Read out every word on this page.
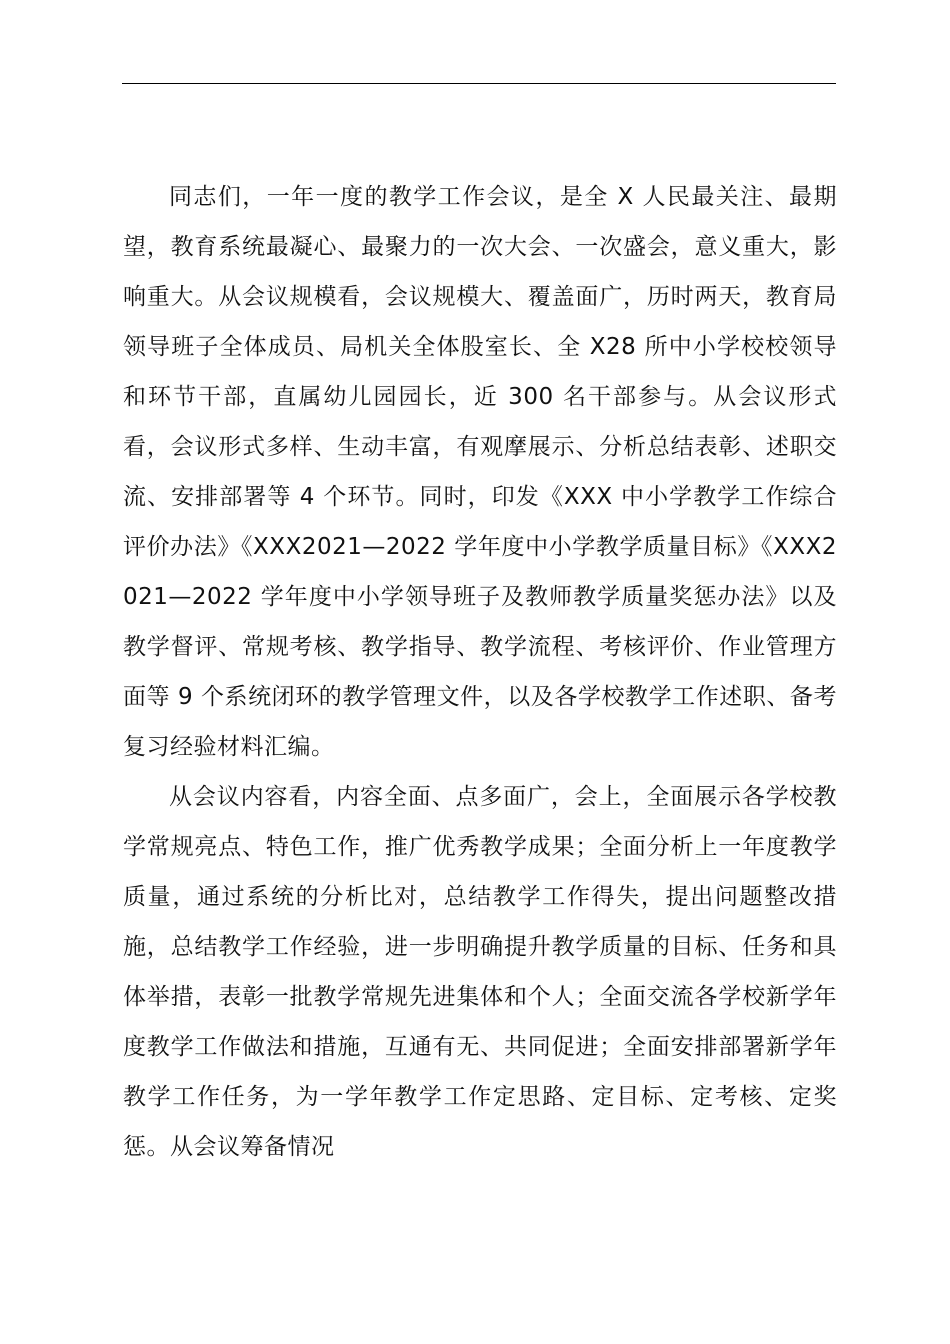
同志们，一年一度的教学工作会议，是全 X 人民最关注、最期望，教育系统最凝心、最聚力的一次大会、一次盛会，意义重大，影响重大。从会议规模看，会议规模大、覆盖面广，历时两天，教育局领导班子全体成员、局机关全体股室长、全 X28 所中小学校校领导和环节干部，直属幼儿园园长，近 300 名干部参与。从会议形式看，会议形式多样、生动丰富，有观摩展示、分析总结表彰、述职交流、安排部署等 4 个环节。同时，印发《XXX 中小学教学工作综合评价办法》《XXX2021—2022 学年度中小学教学质量目标》《XXX2021—2022 学年度中小学领导班子及教师教学质量奖惩办法》以及教学督评、常规考核、教学指导、教学流程、考核评价、作业管理方面等 9 个系统闭环的教学管理文件，以及各学校教学工作述职、备考复习经验材料汇编。

从会议内容看，内容全面、点多面广，会上，全面展示各学校教学常规亮点、特色工作，推广优秀教学成果；全面分析上一年度教学质量，通过系统的分析比对，总结教学工作得失，提出问题整改措施，总结教学工作经验，进一步明确提升教学质量的目标、任务和具体举措，表彰一批教学常规先进集体和个人；全面交流各学校新学年度教学工作做法和措施，互通有无、共同促进；全面安排部署新学年教学工作任务，为一学年教学工作定思路、定目标、定考核、定奖惩。从会议筹备情况
